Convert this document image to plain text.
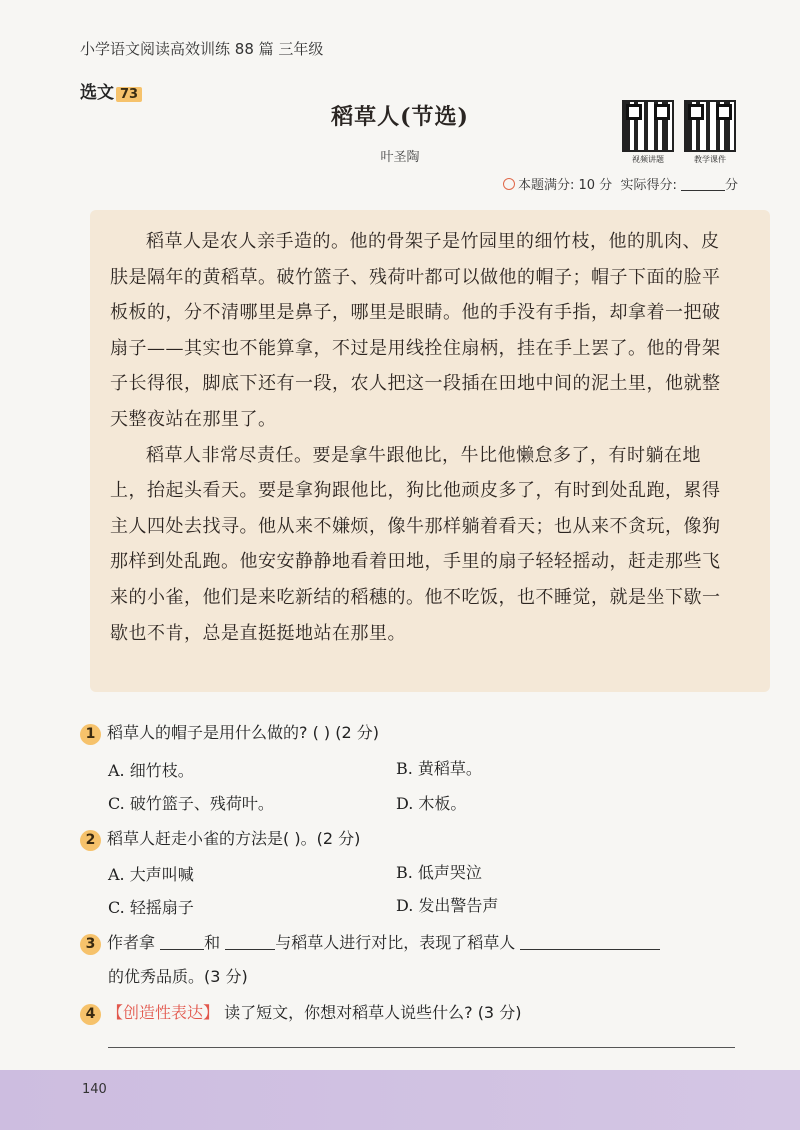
小学语文阅读高效训练 88 篇 三年级
选文 73
稻草人(节选)
叶圣陶	视频讲题	教学课件
本题满分: 10 分 实际得分:	分

稻草人是农人亲手造的。他的骨架子是竹园里的细竹枝，他的肌肉、皮肤是隔年的黄稻草。破竹篮子、残荷叶都可以做他的帽子；帽子下面的脸平板板的，分不清哪里是鼻子，哪里是眼睛。他的手没有手指，却拿着一把破扇子——其实也不能算拿，不过是用线拴住扇柄，挂在手上罢了。他的骨架子长得很，脚底下还有一段，农人把这一段插在田地中间的泥土里，他就整天整夜站在那里了。

稻草人非常尽责任。要是拿牛跟他比，牛比他懒怠多了，有时躺在地上，抬起头看天。要是拿狗跟他比，狗比他顽皮多了，有时到处乱跑，累得主人四处去找寻。他从来不嫌烦，像牛那样躺着看天；也从来不贪玩，像狗那样到处乱跑。他安安静静地看着田地，手里的扇子轻轻摇动，赶走那些飞来的小雀，他们是来吃新结的稻穗的。他不吃饭，也不睡觉，就是坐下歇一歇也不肯，总是直挺挺地站在那里。

1 稻草人的帽子是用什么做的? ( ) (2 分)
A. 细竹枝。	B. 黄稻草。
C. 破竹篮子、残荷叶。	D. 木板。
2 稻草人赶走小雀的方法是( )。(2 分)
A. 大声叫喊	B. 低声哭泣
C. 轻摇扇子	D. 发出警告声
3 作者拿	和	与稻草人进行对比，表现了稻草人
的优秀品质。(3 分)
4 【创造性表达】 读了短文，你想对稻草人说些什么? (3 分)
140
